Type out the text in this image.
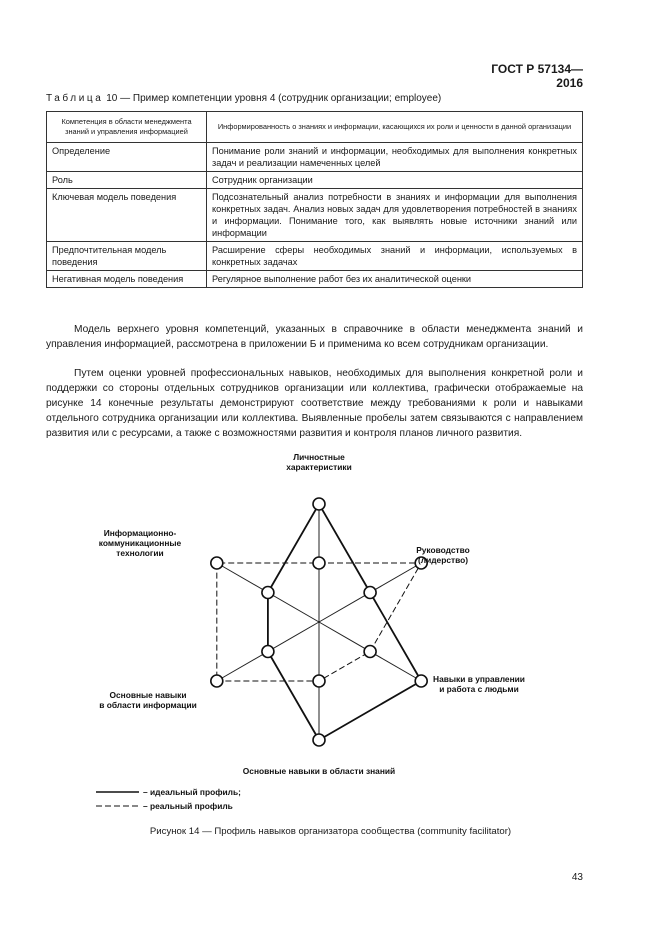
ГОСТ Р 57134—2016
Таблица 10 — Пример компетенции уровня 4 (сотрудник организации; employee)
Компетенция в области менеджмента знаний и управления информацией	Информированность о знаниях и информации, касающихся их роли и ценности в данной организации
Определение	Понимание роли знаний и информации, необходимых для выполнения конкретных задач и реализации намеченных целей
Роль	Сотрудник организации
Ключевая модель поведения	Подсознательный анализ потребности в знаниях и информации для выполнения конкретных задач. Анализ новых задач для удовлетворения потребностей в знаниях и информации. Понимание того, как выявлять новые источники знаний или информации
Предпочтительная модель поведения	Расширение сферы необходимых знаний и информации, используемых в конкретных задачах
Негативная модель поведения	Регулярное выполнение работ без их аналитической оценки

Модель верхнего уровня компетенций, указанных в справочнике в области менеджмента знаний и управления информацией, рассмотрена в приложении Б и применима ко всем сотрудникам организации.

Путем оценки уровней профессиональных навыков, необходимых для выполнения конкретной роли и поддержки со стороны отдельных сотрудников организации или коллектива, графически отображаемые на рисунке 14 конечные результаты демонстрируют соответствие между требованиями к роли и навыками отдельного сотрудника организации или коллектива. Выявленные пробелы затем связываются с направлением развития или с ресурсами, а также с возможностями развития и контроля планов личного развития.

Личностные характеристики
Руководство (лидерство)
Навыки в управлении и работа с людьми
Основные навыки в области знаний
Основные навыки в области информации
Информационно-коммуникационные технологии
– идеальный профиль;
– реальный профиль
Рисунок 14 — Профиль навыков организатора сообщества (community facilitator)
43
